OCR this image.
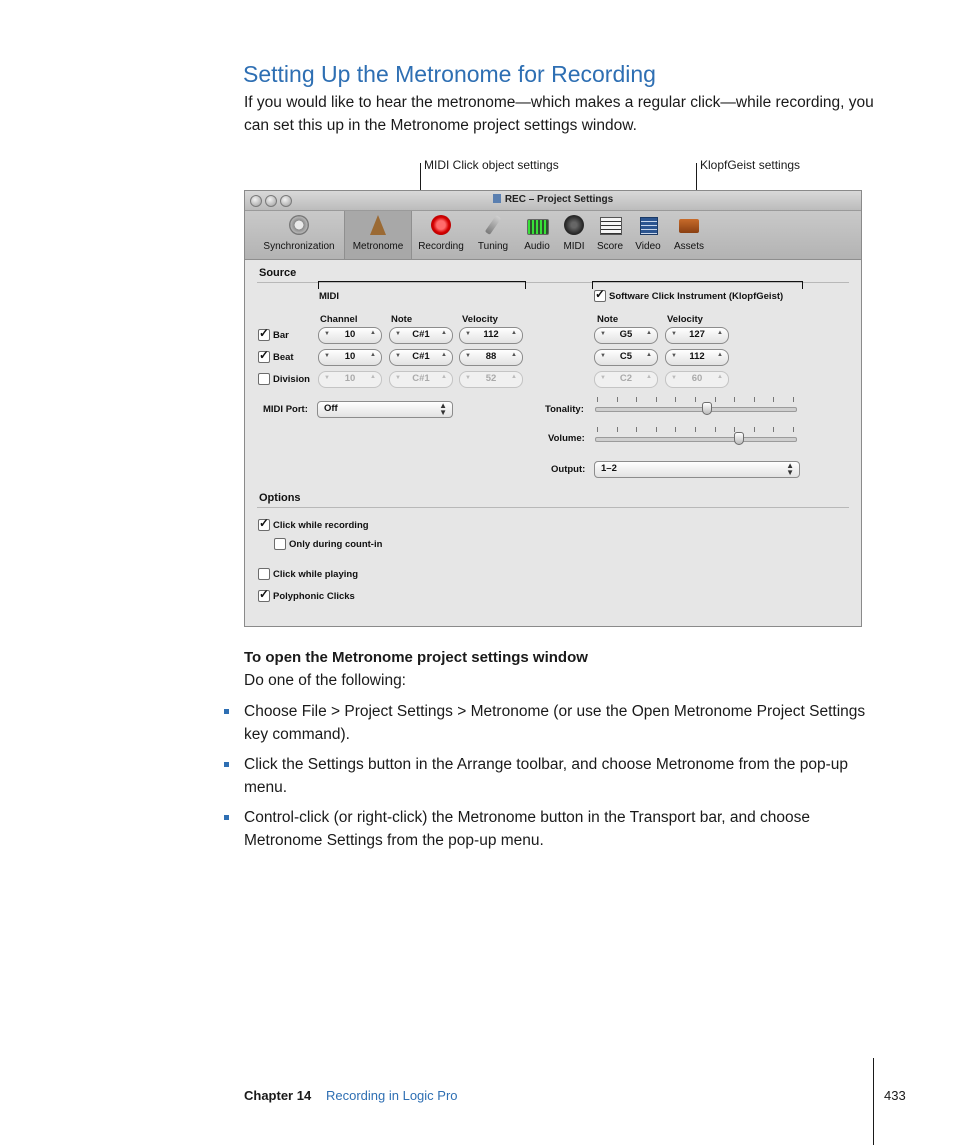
Setting Up the Metronome for Recording
If you would like to hear the metronome—which makes a regular click—while recording, you can set this up in the Metronome project settings window.
MIDI Click object settings	KlopfGeist settings
REC – Project Settings
Synchronization	Metronome	Recording	Tuning	Audio	MIDI	Score	Video	Assets
Source
MIDI
✓	Software Click Instrument (KlopfGeist)
Channel	Note	Velocity	Note	Velocity
✓
Bar	▼	10	▲	▼	C#1	▲	▼	112	▲	▼	G5	▲	▼	127	▲
✓
Beat	▼	10	▲	▼	C#1	▲	▼	88	▲	▼	C5	▲	▼	112	▲
Division ▼	10	▲	▼	C#1	▲	▼	52	▲	▼	C2	▲	▼	60	▲
MIDI Port: Off	▲
▼	Tonality:
Volume:
Output: 1–2	▲
▼
Options
✓
Click while recording
Only during count-in
Click while playing
✓
Polyphonic Clicks
To open the Metronome project settings window
Do one of the following:
Choose File > Project Settings > Metronome (or use the Open Metronome Project Settings key command).
Click the Settings button in the Arrange toolbar, and choose Metronome from the pop-up menu.
Control-click (or right-click) the Metronome button in the Transport bar, and choose Metronome Settings from the pop-up menu.
Chapter 14 Recording in Logic Pro	433
